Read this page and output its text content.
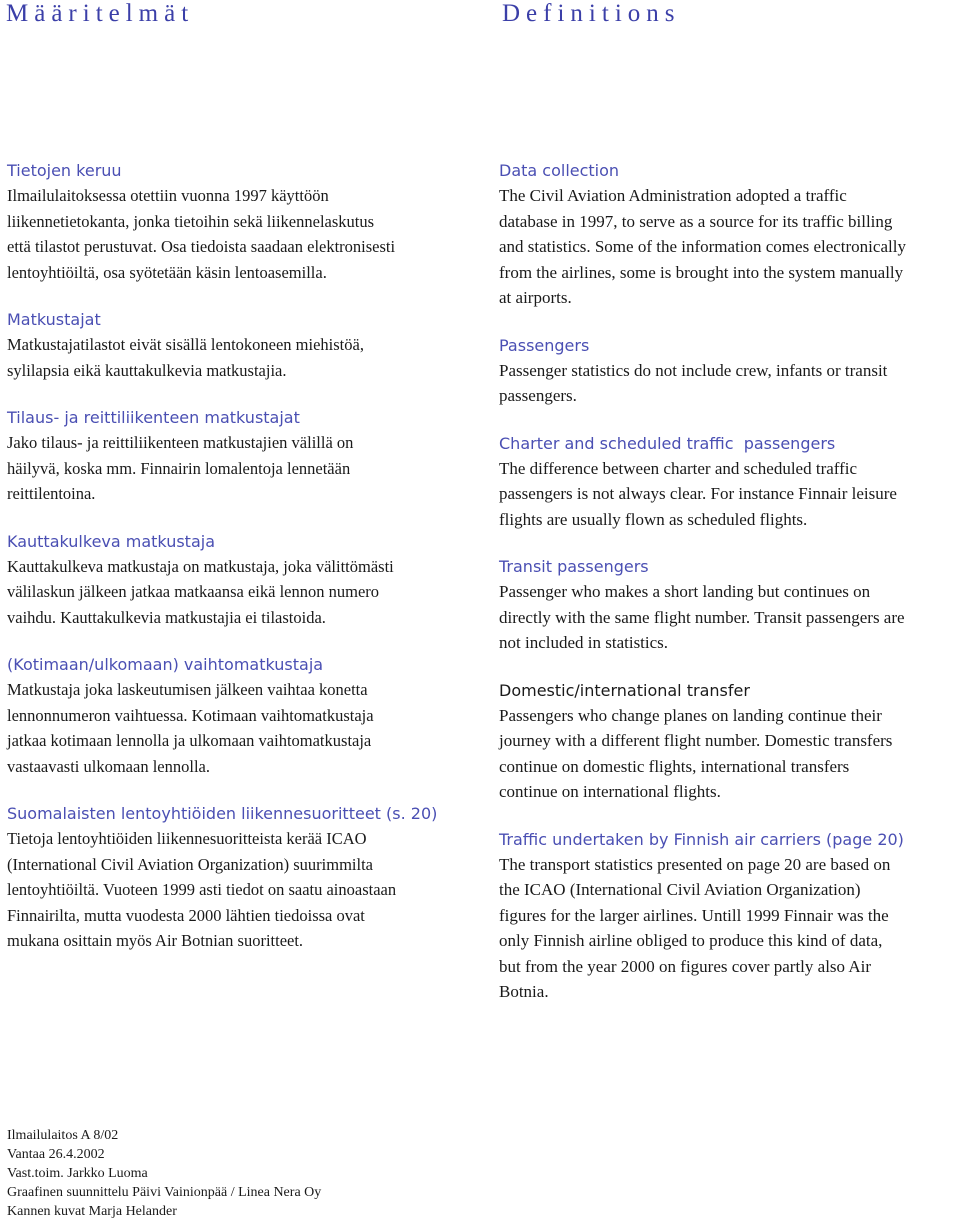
Määritelmät	Definitions

Tietojen keruu

Ilmailulaitoksessa otettiin vuonna 1997 käyttöön
liikennetietokanta, jonka tietoihin sekä liikennelaskutus
että tilastot perustuvat. Osa tiedoista saadaan elektronisesti
lentoyhtiöiltä, osa syötetään käsin lentoasemilla.

Matkustajat

Matkustajatilastot eivät sisällä lentokoneen miehistöä,
sylilapsia eikä kauttakulkevia matkustajia.

Tilaus- ja reittiliikenteen matkustajat

Jako tilaus- ja reittiliikenteen matkustajien välillä on
häilyvä, koska mm. Finnairin lomalentoja lennetään
reittilentoina.

Kauttakulkeva matkustaja

Kauttakulkeva matkustaja on matkustaja, joka välittömästi
välilaskun jälkeen jatkaa matkaansa eikä lennon numero
vaihdu. Kauttakulkevia matkustajia ei tilastoida.

(Kotimaan/ulkomaan) vaihtomatkustaja

Matkustaja joka laskeutumisen jälkeen vaihtaa konetta
lennonnumeron vaihtuessa. Kotimaan vaihtomatkustaja
jatkaa kotimaan lennolla ja ulkomaan vaihtomatkustaja
vastaavasti ulkomaan lennolla.

Suomalaisten lentoyhtiöiden liikennesuoritteet (s. 20)

Tietoja lentoyhtiöiden liikennesuoritteista kerää ICAO
(International Civil Aviation Organization) suurimmilta
lentoyhtiöiltä. Vuoteen 1999 asti tiedot on saatu ainoastaan
Finnairilta, mutta vuodesta 2000 lähtien tiedoissa ovat
mukana osittain myös Air Botnian suoritteet.

Data collection

The Civil Aviation Administration adopted a traffic
database in 1997, to serve as a source for its traffic billing
and statistics. Some of the information comes electronically
from the airlines, some is brought into the system manually
at airports.

Passengers

Passenger statistics do not include crew, infants or transit
passengers.

Charter and scheduled traffic  passengers

The difference between charter and scheduled traffic
passengers is not always clear. For instance Finnair leisure
flights are usually flown as scheduled flights.

Transit passengers

Passenger who makes a short landing but continues on
directly with the same flight number. Transit passengers are
not included in statistics.

Domestic/international transfer

Passengers who change planes on landing continue their
journey with a different flight number. Domestic transfers
continue on domestic flights, international transfers
continue on international flights.

Traffic undertaken by Finnish air carriers (page 20)

The transport statistics presented on page 20 are based on
the ICAO (International Civil Aviation Organization)
figures for the larger airlines. Untill 1999 Finnair was the
only Finnish airline obliged to produce this kind of data,
but from the year 2000 on figures cover partly also Air
Botnia.

Ilmailulaitos A 8/02
Vantaa 26.4.2002
Vast.toim. Jarkko Luoma
Graafinen suunnittelu Päivi Vainionpää / Linea Nera Oy
Kannen kuvat Marja Helander
